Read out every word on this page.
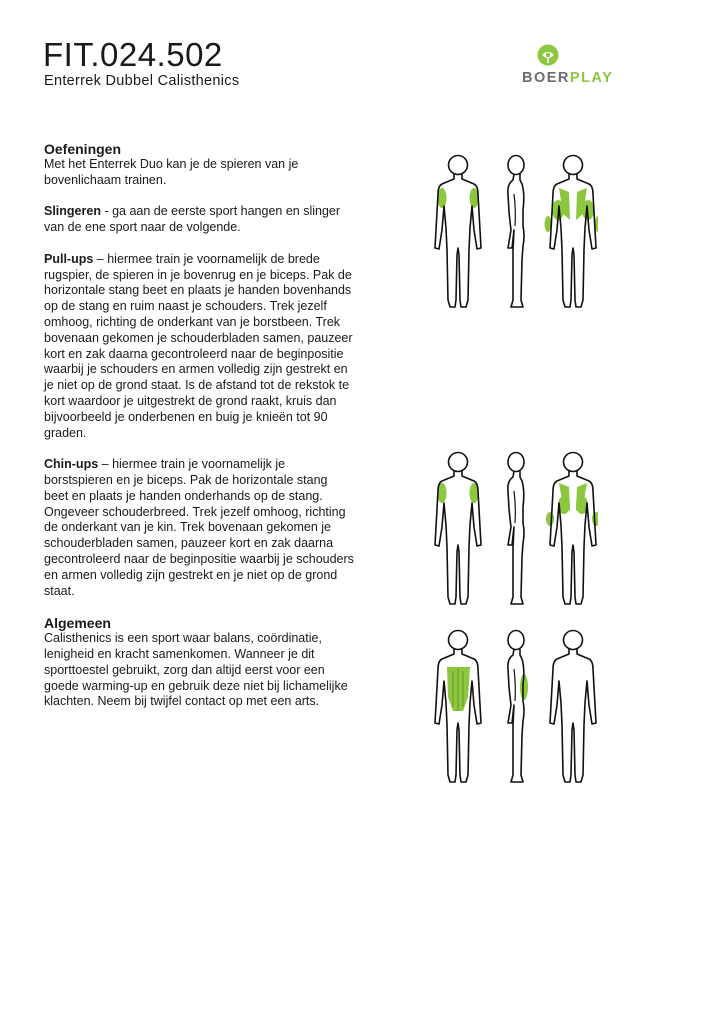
FIT.024.502
Enterrek Dubbel Calisthenics	BOERPLAY
Oefeningen

Met het Enterrek Duo kan je de spieren van je bovenlichaam trainen.

Slingeren - ga aan de eerste sport hangen en slinger van de ene sport naar de volgende.

Pull-ups – hiermee train je voornamelijk de brede rugspier, de spieren in je bovenrug en je biceps. Pak de horizontale stang beet en plaats je handen bovenhands op de stang en ruim naast je schouders. Trek jezelf omhoog, richting de onderkant van je borstbeen. Trek bovenaan gekomen je schouderbladen samen, pauzeer kort en zak daarna gecontroleerd naar de beginpositie waarbij je schouders en armen volledig zijn gestrekt en je niet op de grond staat. Is de afstand tot de rekstok te kort waardoor je uitgestrekt de grond raakt, kruis dan bijvoorbeeld je onderbenen en buig je knieën tot 90 graden.

Chin-ups – hiermee train je voornamelijk je borstspieren en je biceps. Pak de horizontale stang beet en plaats je handen onderhands op de stang. Ongeveer schouderbreed. Trek jezelf omhoog, richting de onderkant van je kin. Trek bovenaan gekomen je schouderbladen samen, pauzeer kort en zak daarna gecontroleerd naar de beginpositie waarbij je schouders en armen volledig zijn gestrekt en je niet op de grond staat.

Algemeen

Calisthenics is een sport waar balans, coördinatie, lenigheid en kracht samenkomen. Wanneer je dit sporttoestel gebruikt, zorg dan altijd eerst voor een goede warming-up en gebruik deze niet bij lichamelijke klachten. Neem bij twijfel contact op met een arts.
